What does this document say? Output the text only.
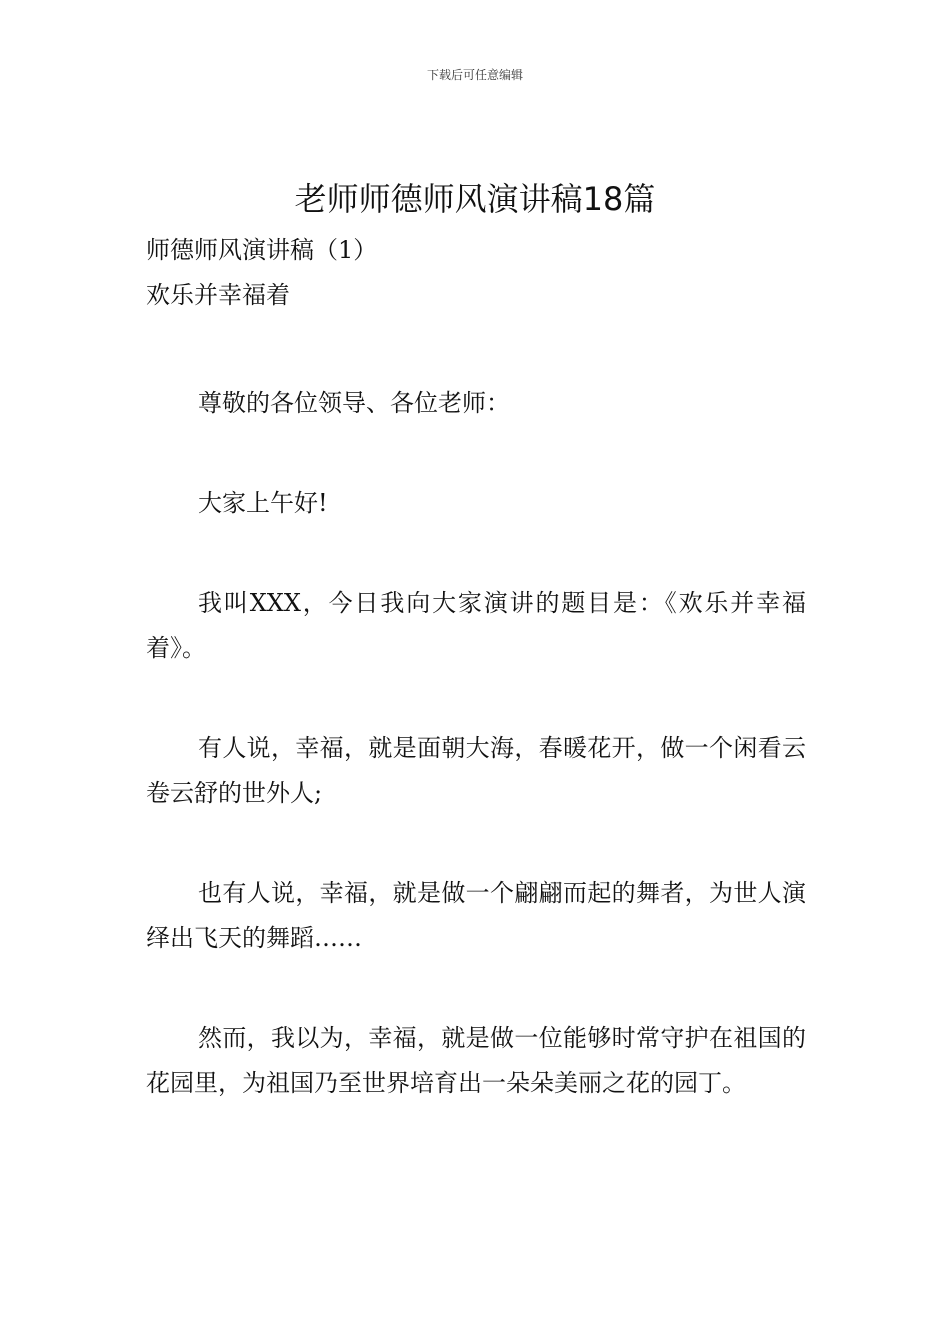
下载后可任意编辑
老师师德师风演讲稿18篇

师德师风演讲稿（1）

欢乐并幸福着

尊敬的各位领导、各位老师：

大家上午好!

我叫XXX，今日我向大家演讲的题目是：《欢乐并幸福着》。

有人说，幸福，就是面朝大海，春暖花开，做一个闲看云卷云舒的世外人;

也有人说，幸福，就是做一个翩翩而起的舞者，为世人演绎出飞天的舞蹈……

然而，我以为，幸福，就是做一位能够时常守护在祖国的花园里，为祖国乃至世界培育出一朵朵美丽之花的园丁。
